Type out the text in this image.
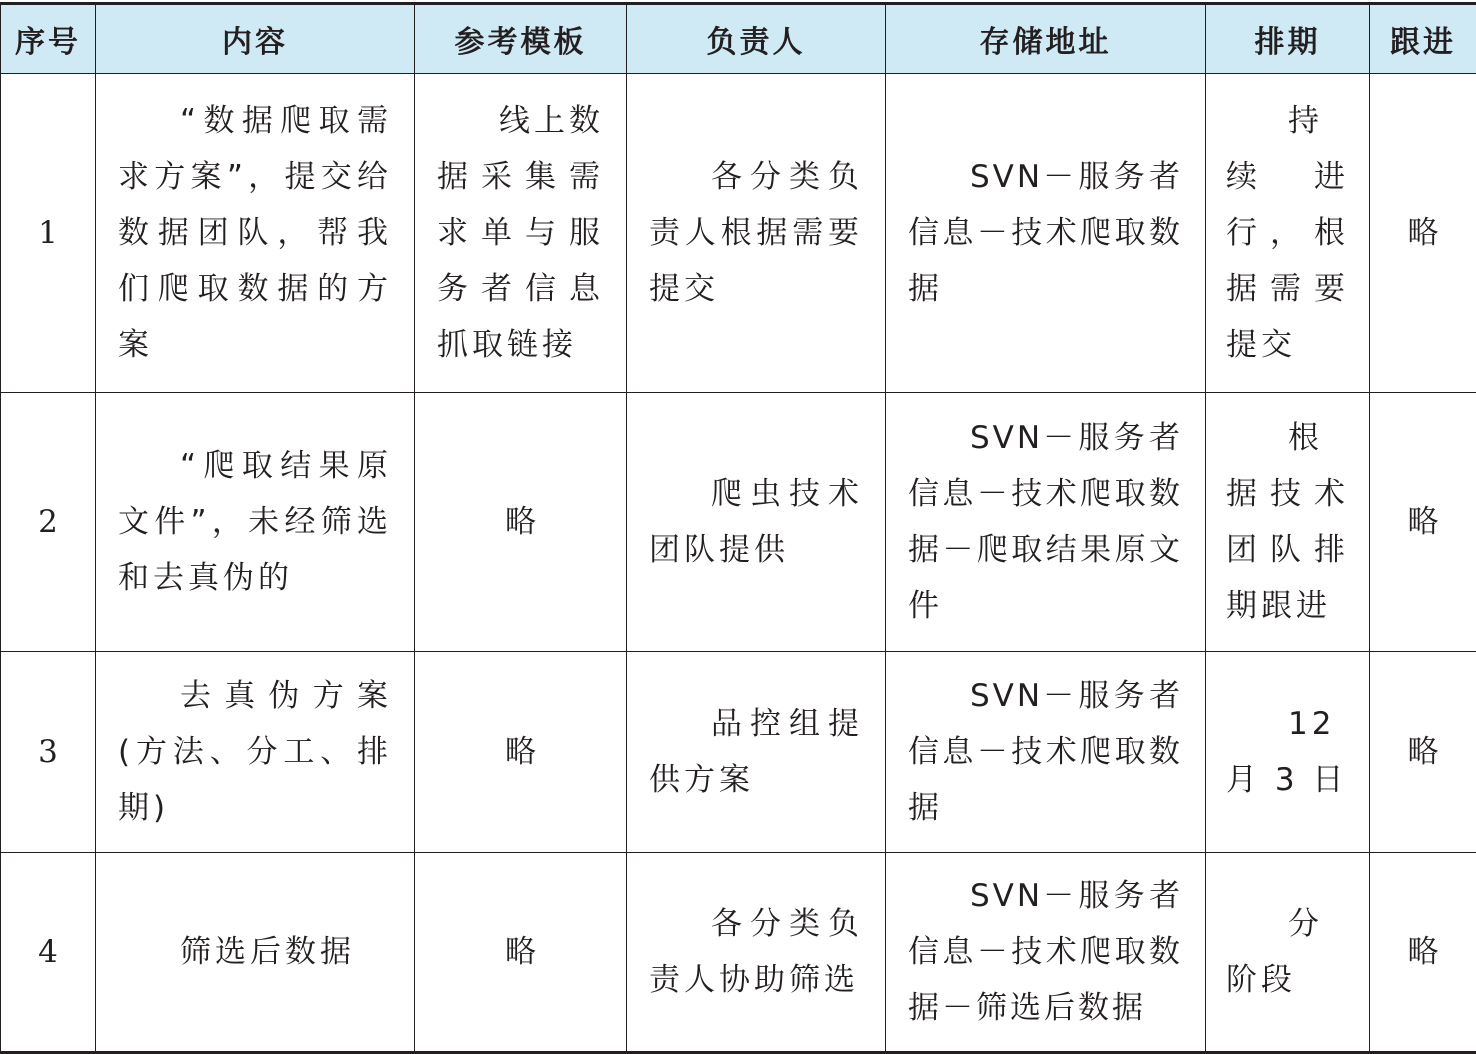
序号	内容	参考模板	负责人	存储地址	排期	跟进
1	“数据爬取需求方案”，提交给数据团队，帮我们爬取数据的方案	线上数据采集需求单与服务者信息抓取链接	各分类负责人根据需要提交	SVN－服务者信息－技术爬取数据	持续进行，根据需要提交	略
2	“爬取结果原文件”，未经筛选和去真伪的	略	爬虫技术团队提供	SVN－服务者信息－技术爬取数据－爬取结果原文件	根据技术团队排期跟进	略
3	去真伪方案(方法、分工、排期)	略	品控组提供方案	SVN－服务者信息－技术爬取数据	12 月 3 日	略
4	筛选后数据	略	各分类负责人协助筛选	SVN－服务者信息－技术爬取数据－筛选后数据	分阶段	略
